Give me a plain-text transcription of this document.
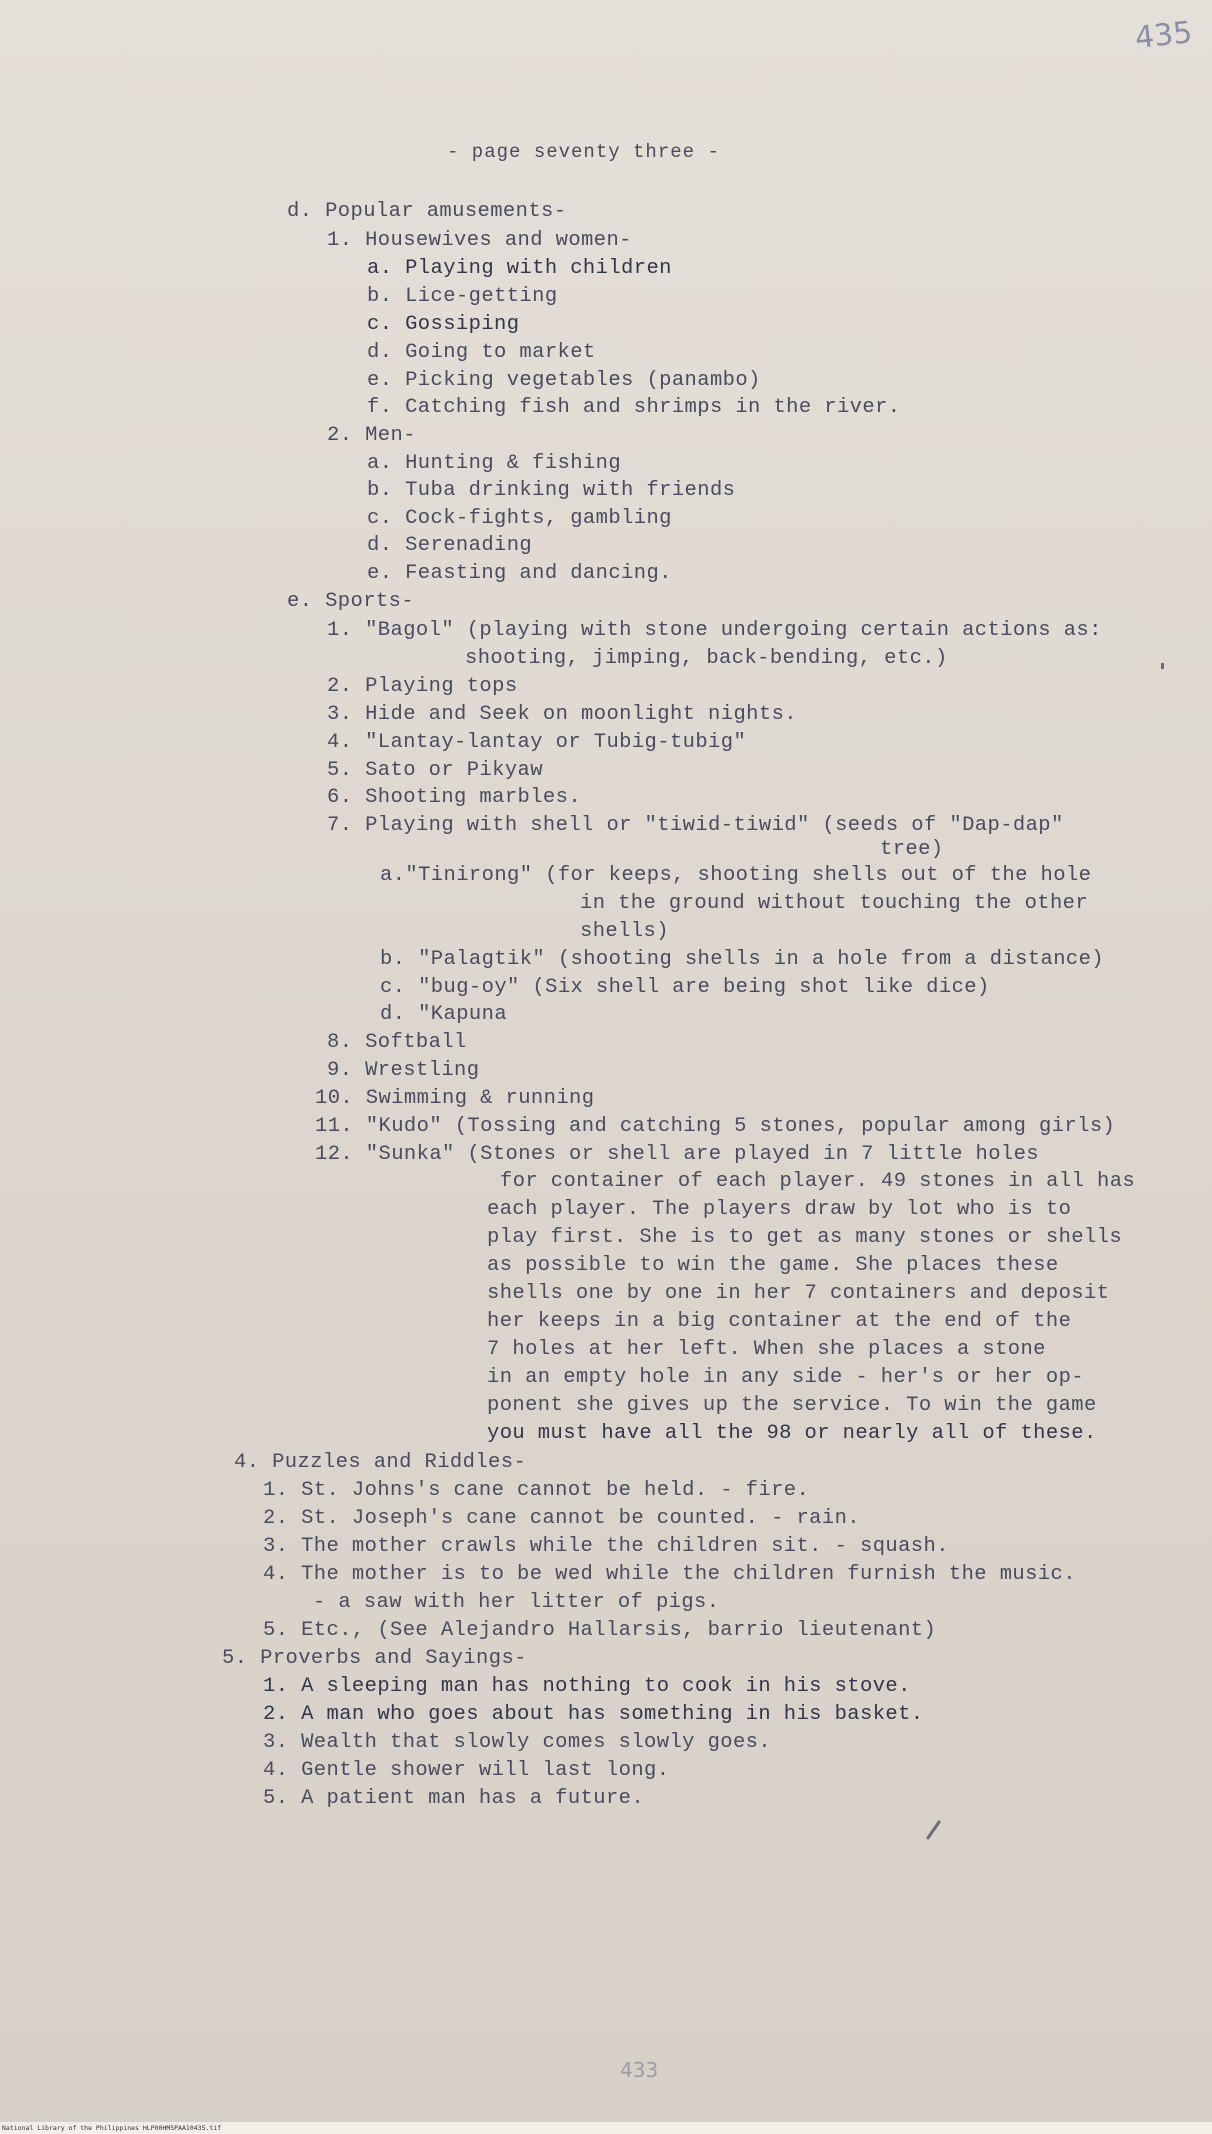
435
- page seventy three -
d. Popular amusements-
1. Housewives and women-
a. Playing with children
b. Lice-getting
c. Gossiping
d. Going to market
e. Picking vegetables (panambo)
f. Catching fish and shrimps in the river.
2. Men-
a. Hunting & fishing
b. Tuba drinking with friends
c. Cock-fights, gambling
d. Serenading
e. Feasting and dancing.
e. Sports-
1. "Bagol" (playing with stone undergoing certain actions as:
shooting, jimping, back-bending, etc.)
2. Playing tops
3. Hide and Seek on moonlight nights.
4. "Lantay-lantay or Tubig-tubig"
5. Sato or Pikyaw
6. Shooting marbles.
7. Playing with shell or "tiwid-tiwid" (seeds of "Dap-dap"
tree)
a."Tinirong" (for keeps, shooting shells out of the hole
in the ground without touching the other
shells)
b. "Palagtik" (shooting shells in a hole from a distance)
c. "bug-oy" (Six shell are being shot like dice)
d. "Kapuna
8. Softball
9. Wrestling
10. Swimming & running
11. "Kudo" (Tossing and catching 5 stones, popular among girls)
12. "Sunka" (Stones or shell are played in 7 little holes
for container of each player. 49 stones in all has
each player. The players draw by lot who is to
play first. She is to get as many stones or shells
as possible to win the game. She places these
shells one by one in her 7 containers and deposit
her keeps in a big container at the end of the
7 holes at her left. When she places a stone
in an empty hole in any side - her's or her op-
ponent she gives up the service. To win the game
you must have all the 98 or nearly all of these.
4. Puzzles and Riddles-
1. St. Johns's cane cannot be held. - fire.
2. St. Joseph's cane cannot be counted. - rain.
3. The mother crawls while the children sit. - squash.
4. The mother is to be wed while the children furnish the music.
- a saw with her litter of pigs.
5. Etc., (See Alejandro Hallarsis, barrio lieutenant)
5. Proverbs and Sayings-
1. A sleeping man has nothing to cook in his stove.
2. A man who goes about has something in his basket.
3. Wealth that slowly comes slowly goes.
4. Gentle shower will last long.
5. A patient man has a future.
433
National Library of the Philippines HLP00HM5PAA10435.tif
